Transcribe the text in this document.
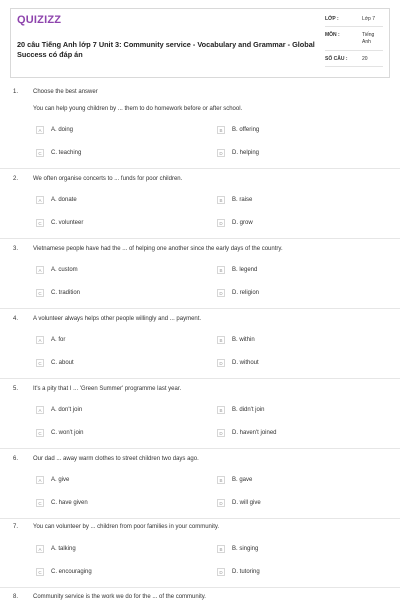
QUIZIZZ
20 câu Tiếng Anh lớp 7 Unit 3: Community service - Vocabulary and Grammar - Global Success có đáp án
LỚP :	Lớp 7
MÔN :	Tiếng Anh
SỐ CÂU :	20
1. Choose the best answer
You can help young children by ... them to do homework before or after school.
A	A. doing	B	B. offering
C	C. teaching	D	D. helping
2. We often organise concerts to ... funds for poor children.
A	A. donate	B	B. raise
C	C. volunteer	D	D. grow
3. Vietnamese people have had the ... of helping one another since the early days of the country.
A	A. custom	B	B. legend
C	C. tradition	D	D. religion
4. A volunteer always helps other people willingly and ... payment.
A	A. for	B	B. within
C	C. about	D	D. without
5. It's a pity that I ... 'Green Summer' programme last year.
A	A. don't join	B	B. didn't join
C	C. won't join	D	D. haven't joined
6. Our dad ... away warm clothes to street children two days ago.
A	A. give	B	B. gave
C	C. have given	D	D. will give
7. You can volunteer by ... children from poor families in your community.
A	A. talking	B	B. singing
C	C. encouraging	D	D. tutoring
8. Community service is the work we do for the ... of the community.
